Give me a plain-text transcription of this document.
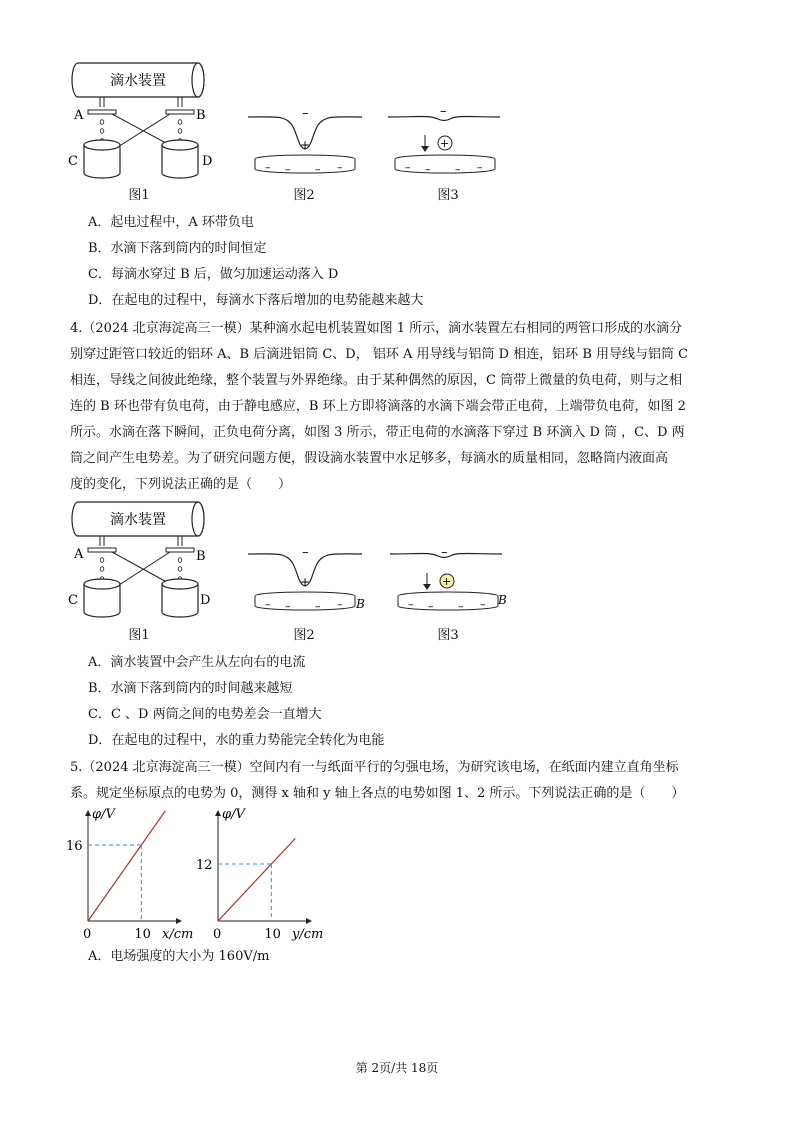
滴水装置
A	B
C	D
–
+
– – – –
–
+
– – – –
图1	图2	图3
A．起电过程中，A 环带负电
B．水滴下落到筒内的时间恒定
C．每滴水穿过 B 后，做匀加速运动落入 D
D．在起电的过程中，每滴水下落后增加的电势能越来越大
4.（2024 北京海淀高三一模）某种滴水起电机装置如图 1 所示，滴水装置左右相同的两管口形成的水滴分
别穿过距管口较近的铝环 A、B 后滴进铝筒 C、D， 铝环 A 用导线与铝筒 D 相连，铝环 B 用导线与铝筒 C
相连，导线之间彼此绝缘，整个装置与外界绝缘。由于某种偶然的原因，C 筒带上微量的负电荷，则与之相
连的 B 环也带有负电荷，由于静电感应，B 环上方即将滴落的水滴下端会带正电荷，上端带负电荷，如图 2
所示。水滴在落下瞬间，正负电荷分离，如图 3 所示，带正电荷的水滴落下穿过 B 环滴入 D 筒 ，C、D 两
筒之间产生电势差。为了研究问题方便，假设滴水装置中水足够多，每滴水的质量相同，忽略筒内液面高
度的变化，下列说法正确的是（　　）
滴水装置
A	B
C	D
–
+
– – – – B
–
+
– – – – B
图1	图2	图3
A．滴水装置中会产生从左向右的电流
B．水滴下落到筒内的时间越来越短
C．C 、D 两筒之间的电势差会一直增大
D．在起电的过程中，水的重力势能完全转化为电能
5.（2024 北京海淀高三一模）空间内有一与纸面平行的匀强电场，为研究该电场，在纸面内建立直角坐标
系。规定坐标原点的电势为 0，测得 x 轴和 y 轴上各点的电势如图 1、2 所示。下列说法正确的是（　　）
16
10
0
φ/V
x/cm
12
10
0
φ/V
y/cm
A．电场强度的大小为 160V/m
第 2页/共 18页
